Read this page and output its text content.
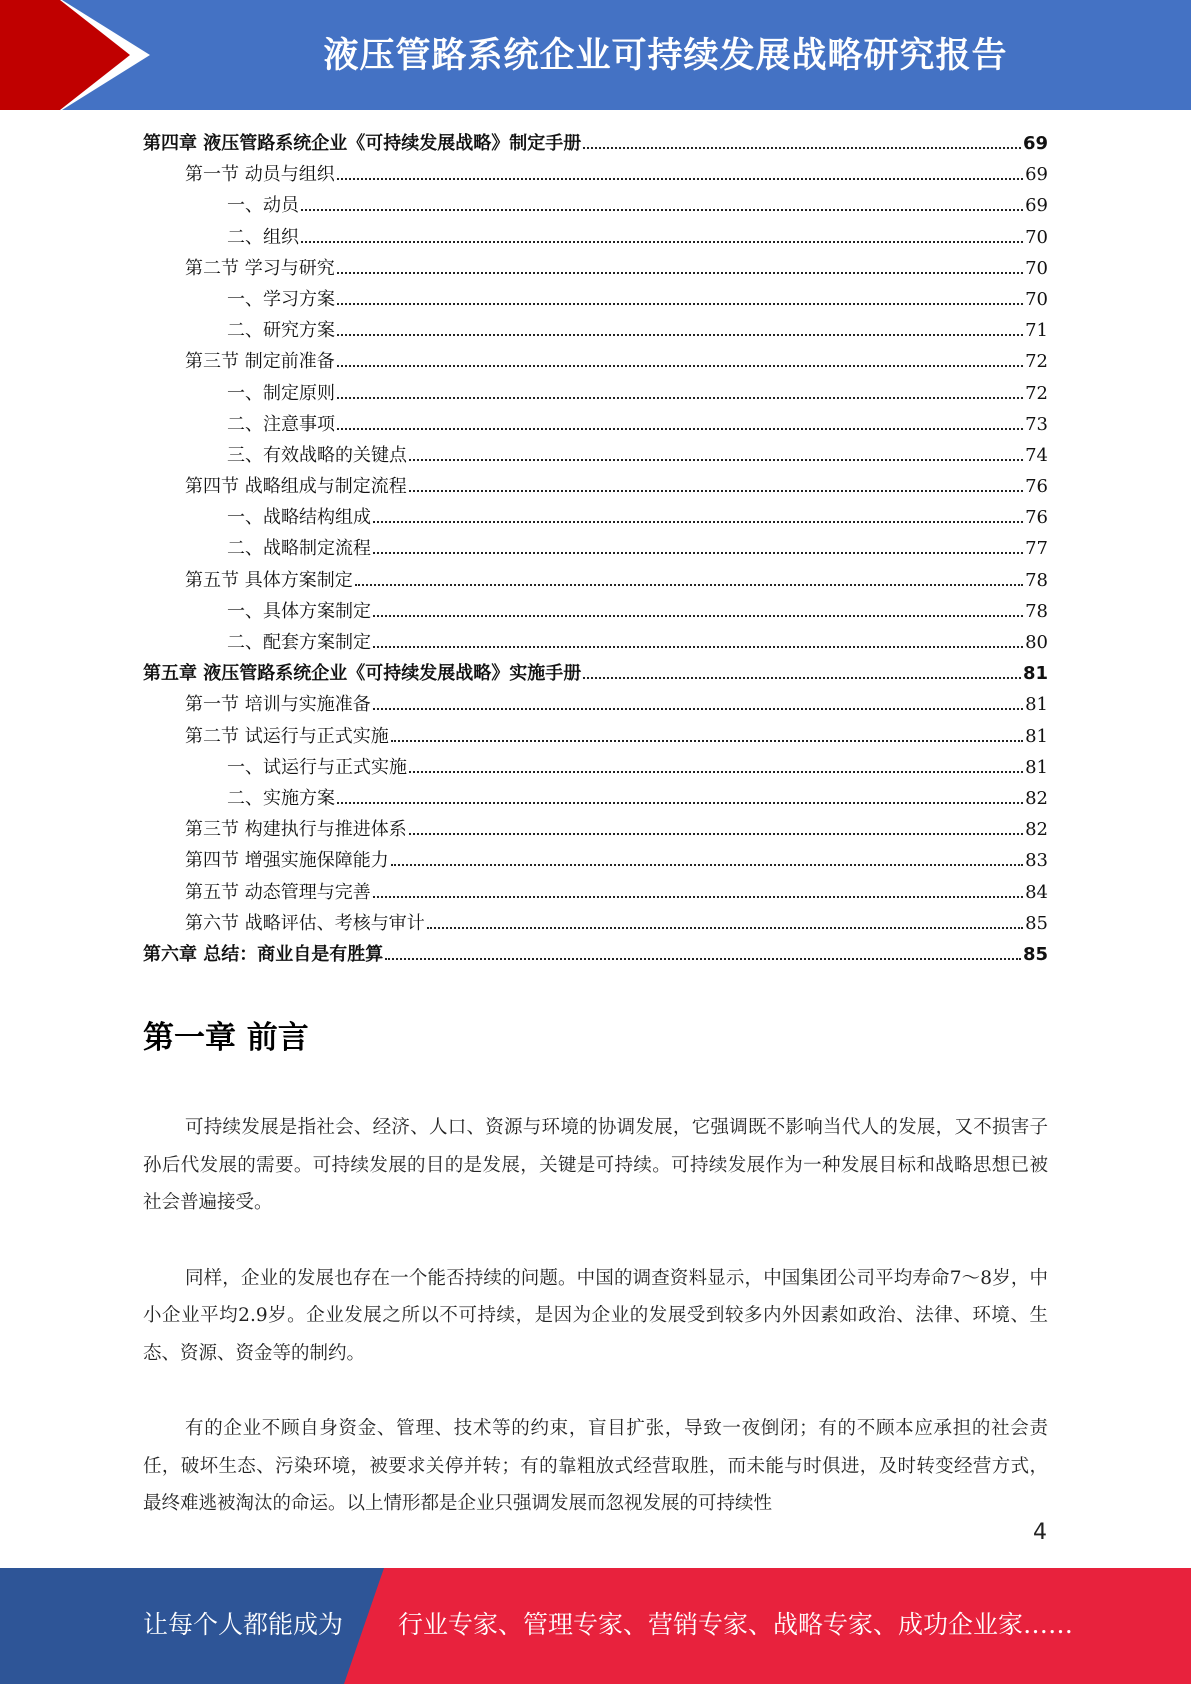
液压管路系统企业可持续发展战略研究报告
第四章 液压管路系统企业《可持续发展战略》制定手册	69
第一节 动员与组织	69
一、动员	69
二、组织	70
第二节 学习与研究	70
一、学习方案	70
二、研究方案	71
第三节 制定前准备	72
一、制定原则	72
二、注意事项	73
三、有效战略的关键点	74
第四节 战略组成与制定流程	76
一、战略结构组成	76
二、战略制定流程	77
第五节 具体方案制定	78
一、具体方案制定	78
二、配套方案制定	80
第五章 液压管路系统企业《可持续发展战略》实施手册	81
第一节 培训与实施准备	81
第二节 试运行与正式实施	81
一、试运行与正式实施	81
二、实施方案	82
第三节 构建执行与推进体系	82
第四节 增强实施保障能力	83
第五节 动态管理与完善	84
第六节 战略评估、考核与审计	85
第六章 总结：商业自是有胜算	85
第一章 前言

可持续发展是指社会、经济、人口、资源与环境的协调发展，它强调既不影响当代人的发展，又不损害子孙后代发展的需要。可持续发展的目的是发展，关键是可持续。可持续发展作为一种发展目标和战略思想已被社会普遍接受。

同样，企业的发展也存在一个能否持续的问题。中国的调查资料显示，中国集团公司平均寿命7～8岁，中小企业平均2.9岁。企业发展之所以不可持续，是因为企业的发展受到较多内外因素如政治、法律、环境、生态、资源、资金等的制约。

有的企业不顾自身资金、管理、技术等的约束，盲目扩张，导致一夜倒闭；有的不顾本应承担的社会责任，破坏生态、污染环境，被要求关停并转；有的靠粗放式经营取胜，而未能与时俱进，及时转变经营方式，最终难逃被淘汰的命运。以上情形都是企业只强调发展而忽视发展的可持续性

4
让每个人都能成为 行业专家、管理专家、营销专家、战略专家、成功企业家……
